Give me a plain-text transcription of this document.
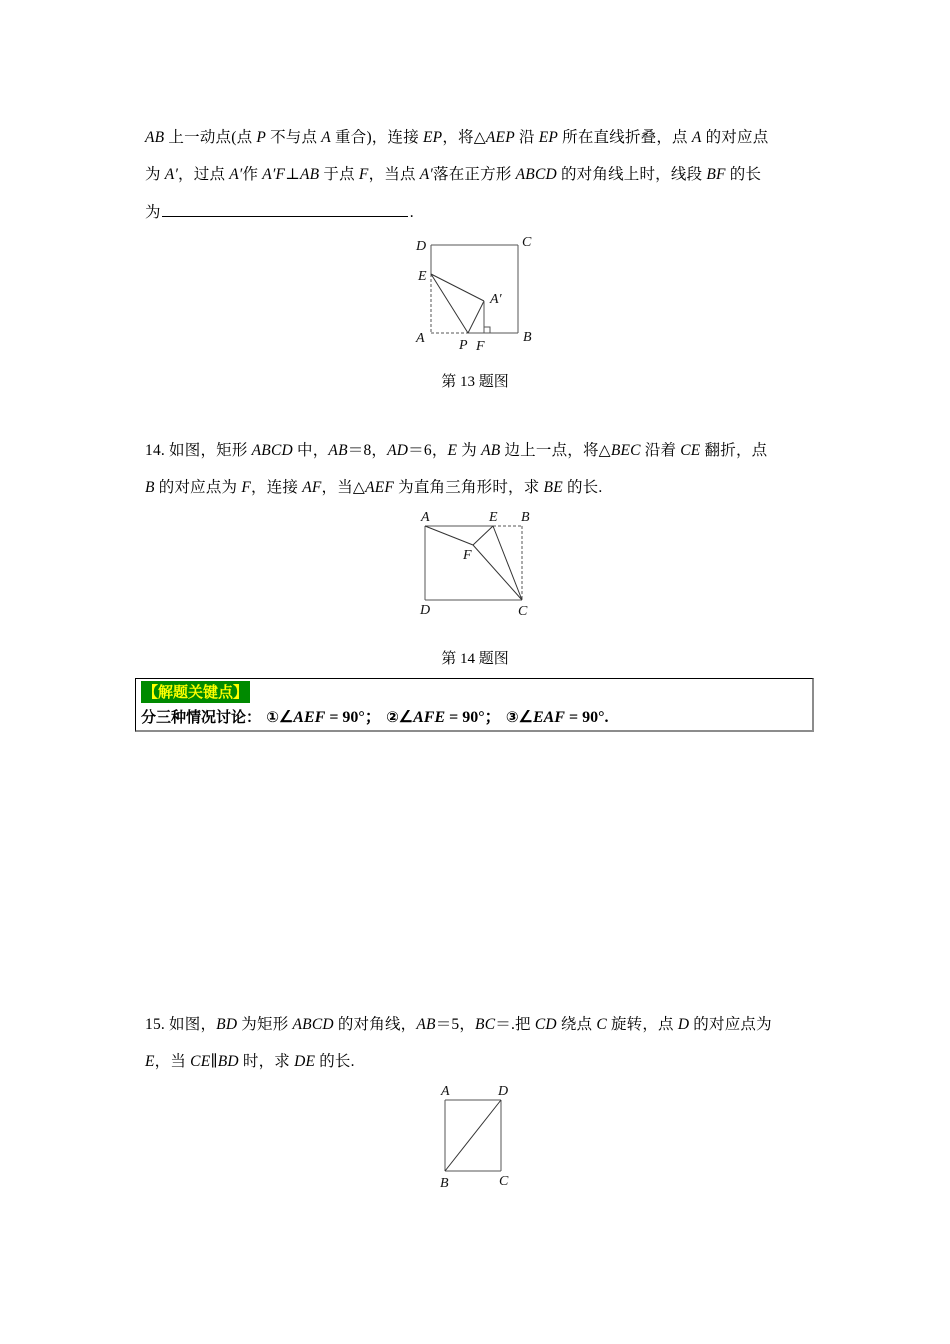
AB 上一动点(点 P 不与点 A 重合)，连接 EP，将△AEP 沿 EP 所在直线折叠，点 A 的对应点
为 A′，过点 A′作 A′F⊥AB 于点 F，当点 A′落在正方形 ABCD 的对角线上时，线段 BF 的长
为	.
D	C
E
A′
A	B
P F
第 13 题图
14. 如图，矩形 ABCD 中，AB＝8，AD＝6，E 为 AB 边上一点，将△BEC 沿着 CE 翻折，点
B 的对应点为 F，连接 AF，当△AEF 为直角三角形时，求 BE 的长.
A	E B
F
D	C
第 14 题图
【解题关键点】
分三种情况讨论： ①∠AEF = 90°； ②∠AFE = 90°； ③∠EAF = 90°.
15. 如图，BD 为矩形 ABCD 的对角线，AB＝5，BC＝.把 CD 绕点 C 旋转，点 D 的对应点为
E，当 CE∥BD 时，求 DE 的长.
A	D
B	C
